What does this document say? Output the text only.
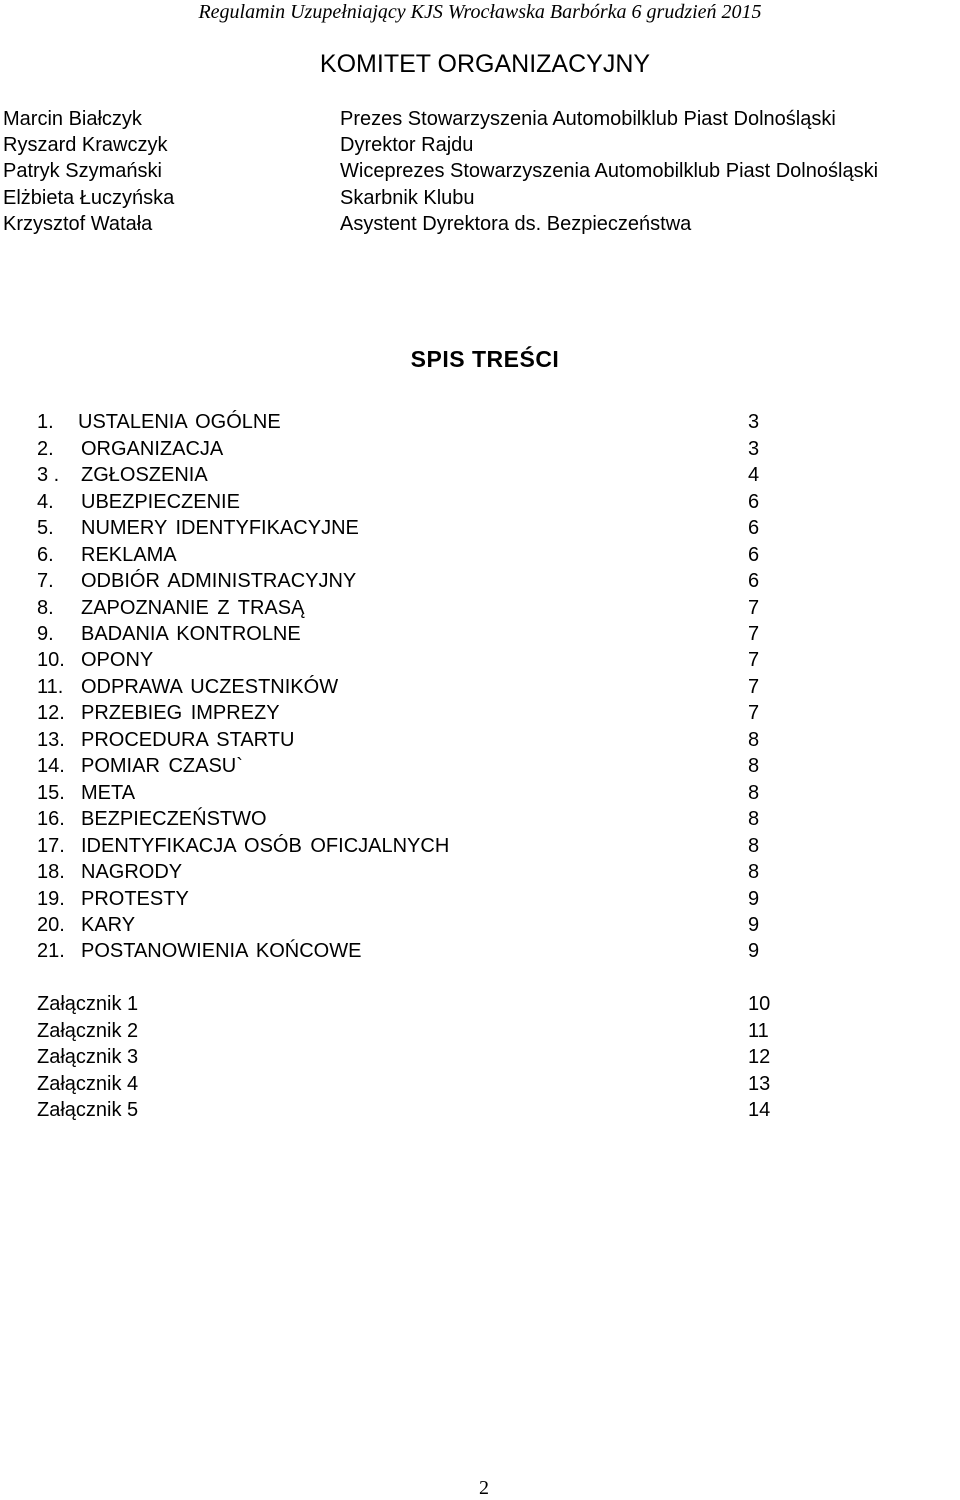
Regulamin Uzupełniający KJS Wrocławska Barbórka 6 grudzień 2015
KOMITET ORGANIZACYJNY
Marcin Białczyk	Prezes Stowarzyszenia Automobilklub Piast Dolnośląski
Ryszard Krawczyk	Dyrektor Rajdu
Patryk Szymański	Wiceprezes Stowarzyszenia Automobilklub Piast Dolnośląski
Elżbieta Łuczyńska	Skarbnik Klubu
Krzysztof Watała	Asystent Dyrektora ds. Bezpieczeństwa
SPIS TREŚCI
1. USTALENIA OGÓLNE	3
2. ORGANIZACJA	3
3 . ZGŁOSZENIA	4
4. UBEZPIECZENIE	6
5. NUMERY IDENTYFIKACYJNE	6
6. REKLAMA	6
7. ODBIÓR ADMINISTRACYJNY	6
8. ZAPOZNANIE Z TRASĄ	7
9. BADANIA KONTROLNE	7
10. OPONY	7
11. ODPRAWA UCZESTNIKÓW	7
12. PRZEBIEG IMPREZY	7
13. PROCEDURA STARTU	8
14. POMIAR CZASU`	8
15. META	8
16. BEZPIECZEŃSTWO	8
17. IDENTYFIKACJA OSÓB OFICJALNYCH	8
18. NAGRODY	8
19. PROTESTY	9
20. KARY	9
21. POSTANOWIENIA KOŃCOWE	9
Załącznik 1	10
Załącznik 2	11
Załącznik 3	12
Załącznik 4	13
Załącznik 5	14
2
